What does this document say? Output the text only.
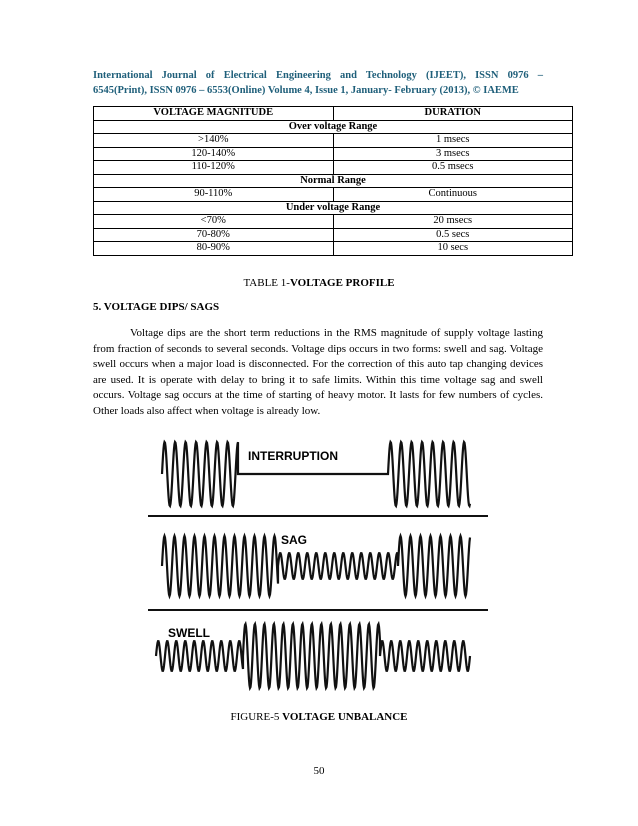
International Journal of Electrical Engineering and Technology (IJEET), ISSN 0976 –
6545(Print), ISSN 0976 – 6553(Online) Volume 4, Issue 1, January- February (2013), © IAEME
VOLTAGE MAGNITUDE	DURATION
Over voltage Range	
>140%	1 msecs
120-140%	3 msecs
110-120%	0.5 msecs
Normal Range	
90-110%	Continuous
Under voltage Range	
<70%	20 msecs
70-80%	0.5 secs
80-90%	10 secs
TABLE 1-VOLTAGE PROFILE
5. VOLTAGE DIPS/ SAGS

Voltage dips are the short term reductions in the RMS magnitude of supply voltage lasting from fraction of seconds to several seconds. Voltage dips occurs in two forms: swell and sag. Voltage swell occurs when a major load is disconnected. For the correction of this auto tap changing devices are used. It is operate with delay to bring it to safe limits. Within this time voltage sag and swell occurs. Voltage sag occurs at the time of starting of heavy motor. It lasts for few numbers of cycles. Other loads also affect when voltage is already low.

INTERRUPTION
SAG
SWELL
FIGURE-5 VOLTAGE UNBALANCE
50
